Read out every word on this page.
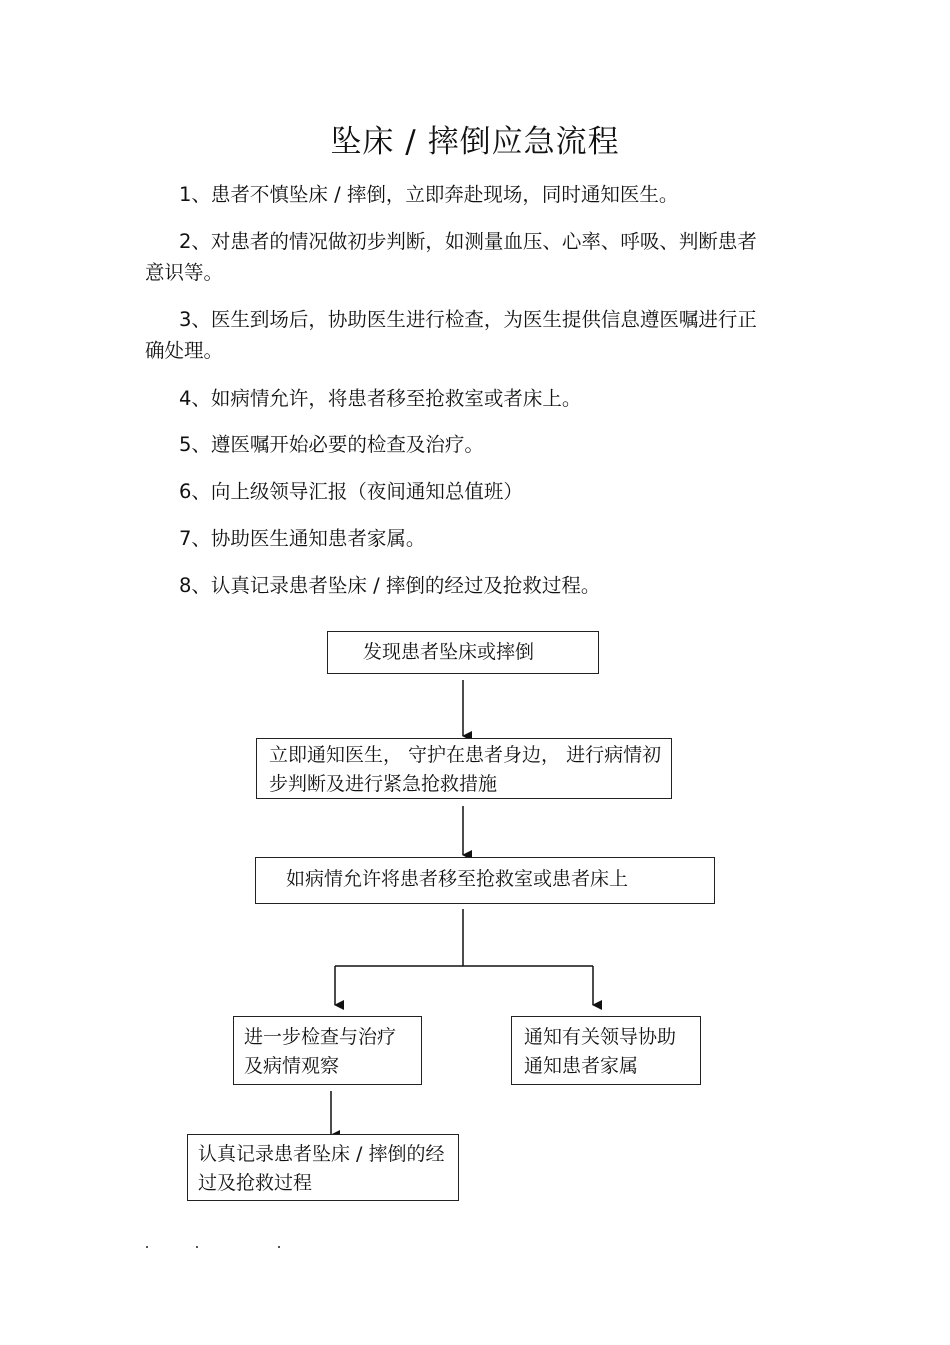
坠床 / 摔倒应急流程

1、患者不慎坠床 / 摔倒，立即奔赴现场，同时通知医生。

2、对患者的情况做初步判断，如测量血压、心率、呼吸、判断患者意识等。

3、医生到场后，协助医生进行检查，为医生提供信息遵医嘱进行正确处理。

4、如病情允许，将患者移至抢救室或者床上。

5、遵医嘱开始必要的检查及治疗。

6、向上级领导汇报（夜间通知总值班）

7、协助医生通知患者家属。

8、认真记录患者坠床 / 摔倒的经过及抢救过程。

发现患者坠床或摔倒
立即通知医生， 守护在患者身边， 进行病情初步判断及进行紧急抢救措施
如病情允许将患者移至抢救室或患者床上
进一步检查与治疗及病情观察
通知有关领导协助通知患者家属
认真记录患者坠床 / 摔倒的经过及抢救过程
